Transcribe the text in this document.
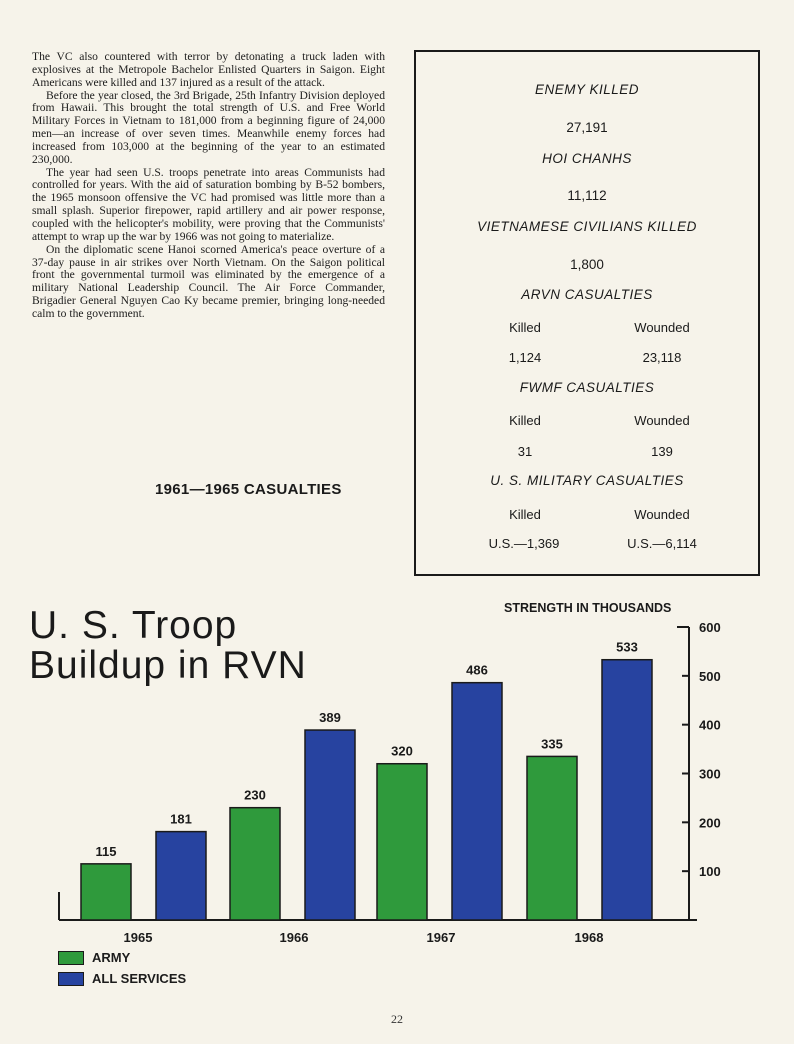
The VC also countered with terror by detonating a truck laden with explosives at the Metropole Bachelor Enlisted Quarters in Saigon. Eight Americans were killed and 137 injured as a result of the attack.

Before the year closed, the 3rd Brigade, 25th Infantry Division deployed from Hawaii. This brought the total strength of U.S. and Free World Military Forces in Vietnam to 181,000 from a beginning figure of 24,000 men—an increase of over seven times. Meanwhile enemy forces had increased from 103,000 at the beginning of the year to an estimated 230,000.

The year had seen U.S. troops penetrate into areas Communists had controlled for years. With the aid of saturation bombing by B-52 bombers, the 1965 monsoon offensive the VC had promised was little more than a small splash. Superior firepower, rapid artillery and air power response, coupled with the helicopter's mobility, were proving that the Communists' attempt to wrap up the war by 1966 was not going to materialize.

On the diplomatic scene Hanoi scorned America's peace overture of a 37-day pause in air strikes over North Vietnam. On the Saigon political front the governmental turmoil was eliminated by the emergence of a military National Leadership Council. The Air Force Commander, Brigadier General Nguyen Cao Ky became premier, bringing long-needed calm to the government.

1961—1965 CASUALTIES
ENEMY KILLED
27,191
HOI CHANHS
11,112
VIETNAMESE CIVILIANS KILLED
1,800
ARVN CASUALTIES
Killed	Wounded
1,124	23,118
FWMF CASUALTIES
Killed	Wounded
31	139
U. S. MILITARY CASUALTIES
Killed	Wounded
U.S.—1,369	U.S.—6,114
U. S. Troop
Buildup in RVN
STRENGTH IN THOUSANDS
100
200
300
400
500
600
115
181
1965
230
389
1966
320
486
1967
335
533
1968
ARMY
ALL SERVICES
22
